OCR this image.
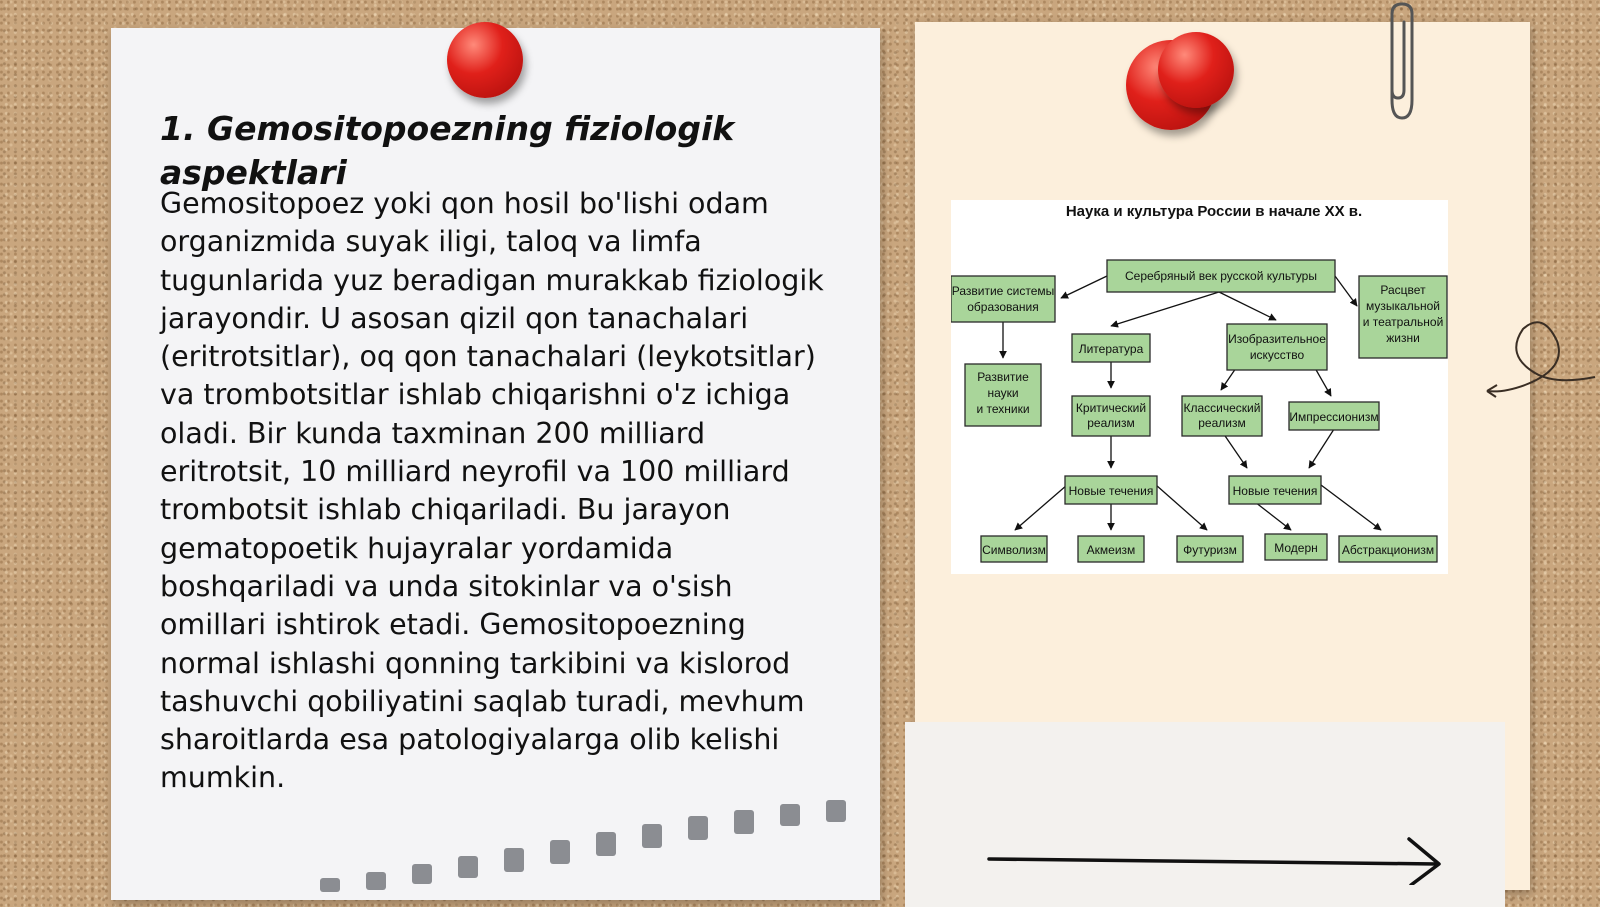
1. Gemositopoezning fiziologik aspektlari

Gemositopoez yoki qon hosil bo'lishi odam organizmida suyak iligi, taloq va limfa tugunlarida yuz beradigan murakkab fiziologik jarayondir. U asosan qizil qon tanachalari (eritrotsitlar), oq qon tanachalari (leykotsitlar) va trombotsitlar ishlab chiqarishni o'z ichiga oladi. Bir kunda taxminan 200 milliard eritrotsit, 10 milliard neyrofil va 100 milliard trombotsit ishlab chiqariladi. Bu jarayon gematopoetik hujayralar yordamida boshqariladi va unda sitokinlar va o'sish omillari ishtirok etadi. Gemositopoezning normal ishlashi qonning tarkibini va kislorod tashuvchi qobiliyatini saqlab turadi, mevhum sharoitlarda esa patologiyalarga olib kelishi mumkin.

Наука и культура России в начале XX в.
Серебряный век русской культуры
Развитие системы
образования
Развитие
науки
и техники
Расцвет
музыкальной
и театральной
жизни
Литература
Изобразительное
искусство
Критический
реализм
Классический
реализм	Импрессионизм
Новые течения	Новые течения
Символизм	Акмеизм	Футуризм	Модерн Абстракционизм
